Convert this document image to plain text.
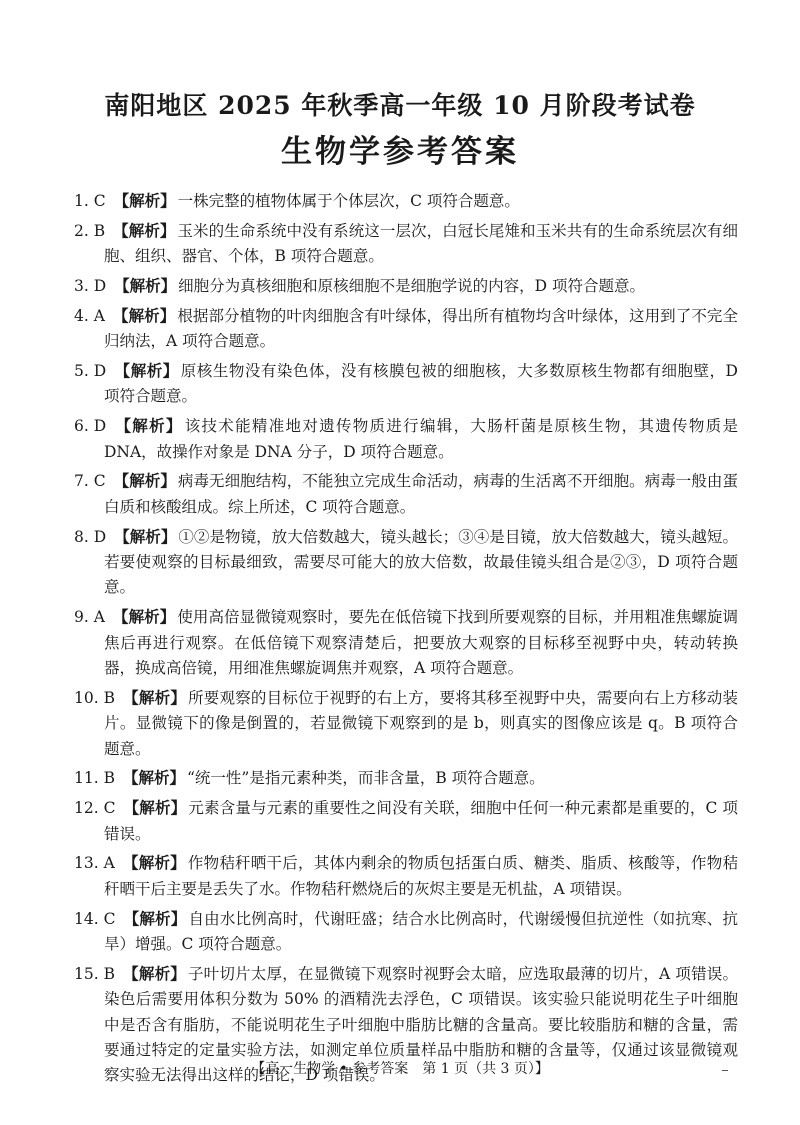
南阳地区 2025 年秋季高一年级 10 月阶段考试卷
生物学参考答案
1. C 【解析】 一株完整的植物体属于个体层次，C 项符合题意。
2. B 【解析】 玉米的生命系统中没有系统这一层次，白冠长尾雉和玉米共有的生命系统层次有细胞、组织、器官、个体，B 项符合题意。
3. D 【解析】 细胞分为真核细胞和原核细胞不是细胞学说的内容，D 项符合题意。
4. A 【解析】 根据部分植物的叶肉细胞含有叶绿体，得出所有植物均含叶绿体，这用到了不完全归纳法，A 项符合题意。
5. D 【解析】 原核生物没有染色体，没有核膜包被的细胞核，大多数原核生物都有细胞壁，D 项符合题意。
6. D 【解析】 该技术能精准地对遗传物质进行编辑，大肠杆菌是原核生物，其遗传物质是 DNA，故操作对象是 DNA 分子，D 项符合题意。
7. C 【解析】 病毒无细胞结构，不能独立完成生命活动，病毒的生活离不开细胞。病毒一般由蛋白质和核酸组成。综上所述，C 项符合题意。
8. D 【解析】 ①②是物镜，放大倍数越大，镜头越长；③④是目镜，放大倍数越大，镜头越短。若要使观察的目标最细致，需要尽可能大的放大倍数，故最佳镜头组合是②③，D 项符合题意。
9. A 【解析】 使用高倍显微镜观察时，要先在低倍镜下找到所要观察的目标，并用粗准焦螺旋调焦后再进行观察。在低倍镜下观察清楚后，把要放大观察的目标移至视野中央，转动转换器，换成高倍镜，用细准焦螺旋调焦并观察，A 项符合题意。
10. B 【解析】 所要观察的目标位于视野的右上方，要将其移至视野中央，需要向右上方移动装片。显微镜下的像是倒置的，若显微镜下观察到的是 b，则真实的图像应该是 q。B 项符合题意。
11. B 【解析】 “统一性”是指元素种类，而非含量，B 项符合题意。
12. C 【解析】 元素含量与元素的重要性之间没有关联，细胞中任何一种元素都是重要的，C 项错误。
13. A 【解析】 作物秸秆晒干后，其体内剩余的物质包括蛋白质、糖类、脂质、核酸等，作物秸秆晒干后主要是丢失了水。作物秸秆燃烧后的灰烬主要是无机盐，A 项错误。
14. C 【解析】 自由水比例高时，代谢旺盛；结合水比例高时，代谢缓慢但抗逆性（如抗寒、抗旱）增强。C 项符合题意。
15. B 【解析】 子叶切片太厚，在显微镜下观察时视野会太暗，应选取最薄的切片，A 项错误。染色后需要用体积分数为 50% 的酒精洗去浮色，C 项错误。该实验只能说明花生子叶细胞中是否含有脂肪，不能说明花生子叶细胞中脂肪比糖的含量高。要比较脂肪和糖的含量，需要通过特定的定量实验方法，如测定单位质量样品中脂肪和糖的含量等，仅通过该显微镜观察实验无法得出这样的结论，D 项错误。
【高一生物学 • 参考答案　第 1 页（共 3 页）】
